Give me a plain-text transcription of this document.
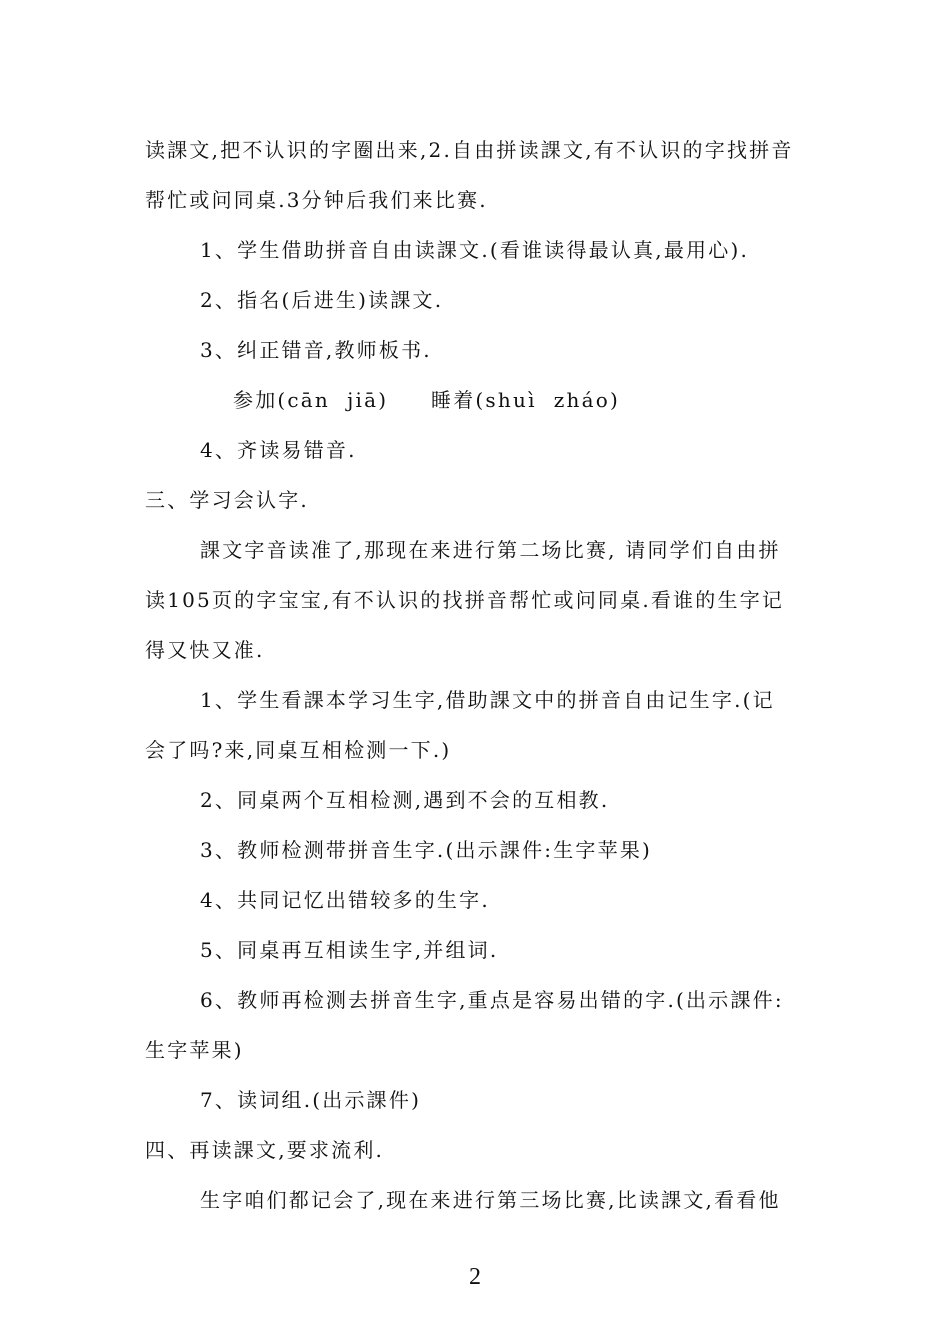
读課文,把不认识的字圈出来,2.自由拼读課文,有不认识的字找拼音
帮忙或问同桌.3分钟后我们来比赛.
1、学生借助拼音自由读課文.(看谁读得最认真,最用心).
2、指名(后进生)读課文.
3、纠正错音,教师板书.
参加(cān  jiā)     睡着(shuì  zháo)
4、齐读易错音.
三、学习会认字.
課文字音读准了,那现在来进行第二场比赛, 请同学们自由拼
读105页的字宝宝,有不认识的找拼音帮忙或问同桌.看谁的生字记
得又快又准.
1、学生看課本学习生字,借助課文中的拼音自由记生字.(记
会了吗?来,同桌互相检测一下.)
2、同桌两个互相检测,遇到不会的互相教.
3、教师检测带拼音生字.(出示課件:生字苹果)
4、共同记忆出错较多的生字.
5、同桌再互相读生字,并组词.
6、教师再检测去拼音生字,重点是容易出错的字.(出示課件:
生字苹果)
7、读词组.(出示課件)
四、再读課文,要求流利.
生字咱们都记会了,现在来进行第三场比赛,比读課文,看看他
2
